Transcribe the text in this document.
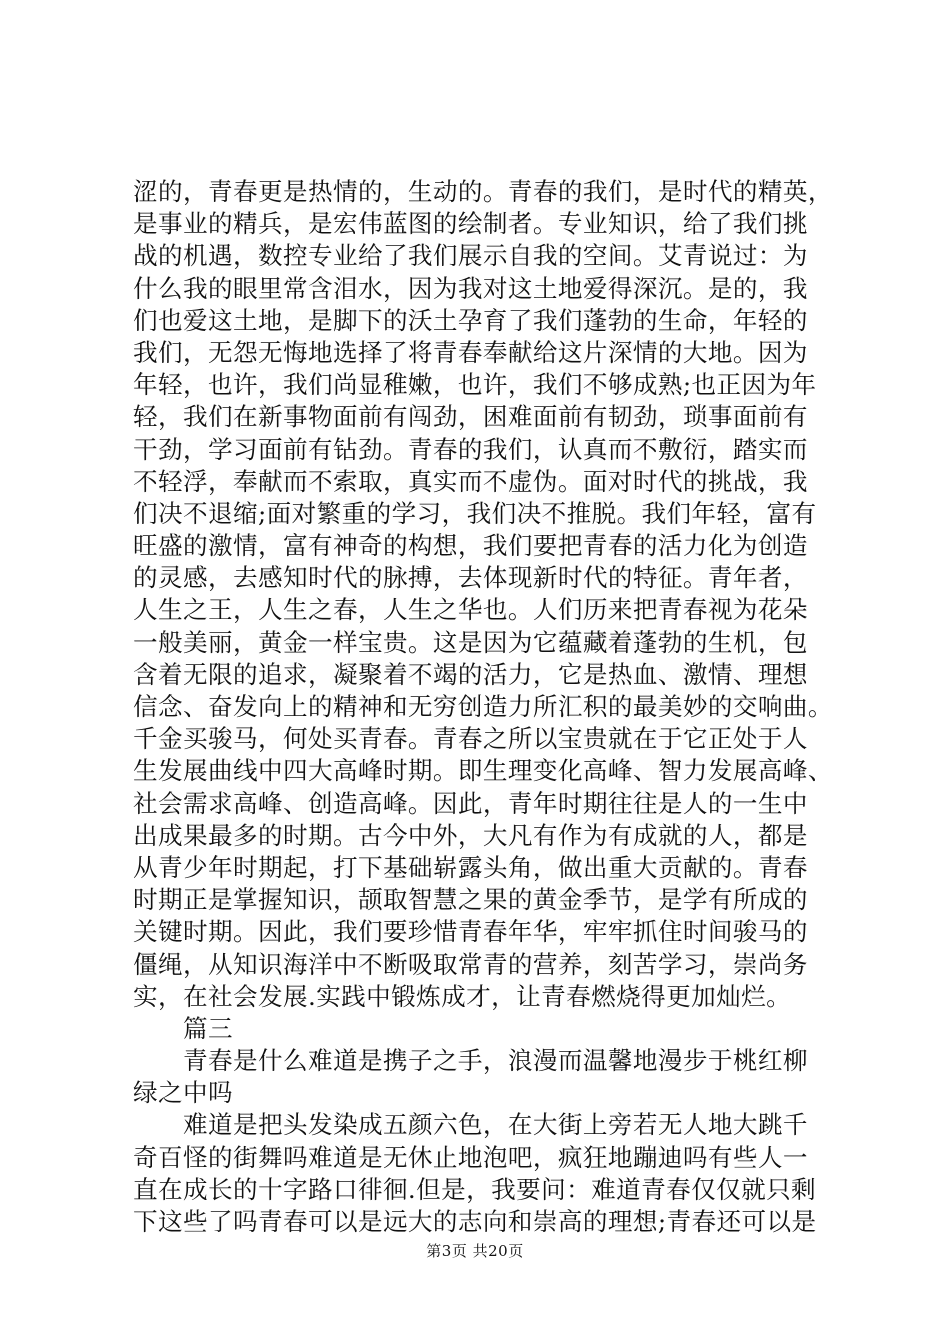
涩的，青春更是热情的，生动的。青春的我们，是时代的精英，
是事业的精兵，是宏伟蓝图的绘制者。专业知识，给了我们挑
战的机遇，数控专业给了我们展示自我的空间。艾青说过：为
什么我的眼里常含泪水，因为我对这土地爱得深沉。是的，我
们也爱这土地，是脚下的沃土孕育了我们蓬勃的生命，年轻的
我们，无怨无悔地选择了将青春奉献给这片深情的大地。因为
年轻，也许，我们尚显稚嫩，也许，我们不够成熟;也正因为年
轻，我们在新事物面前有闯劲，困难面前有韧劲，琐事面前有
干劲，学习面前有钻劲。青春的我们，认真而不敷衍，踏实而
不轻浮，奉献而不索取，真实而不虚伪。面对时代的挑战，我
们决不退缩;面对繁重的学习，我们决不推脱。我们年轻，富有
旺盛的激情，富有神奇的构想，我们要把青春的活力化为创造
的灵感，去感知时代的脉搏，去体现新时代的特征。青年者，
人生之王，人生之春，人生之华也。人们历来把青春视为花朵
一般美丽，黄金一样宝贵。这是因为它蕴藏着蓬勃的生机，包
含着无限的追求，凝聚着不竭的活力，它是热血、激情、理想
信念、奋发向上的精神和无穷创造力所汇积的最美妙的交响曲。
千金买骏马，何处买青春。青春之所以宝贵就在于它正处于人
生发展曲线中四大高峰时期。即生理变化高峰、智力发展高峰、
社会需求高峰、创造高峰。因此，青年时期往往是人的一生中
出成果最多的时期。古今中外，大凡有作为有成就的人，都是
从青少年时期起，打下基础崭露头角，做出重大贡献的。青春
时期正是掌握知识，颉取智慧之果的黄金季节，是学有所成的
关键时期。因此，我们要珍惜青春年华，牢牢抓住时间骏马的
僵绳，从知识海洋中不断吸取常青的营养，刻苦学习，崇尚务
实，在社会发展.实践中锻炼成才，让青春燃烧得更加灿烂。
篇三
青春是什么难道是携子之手，浪漫而温馨地漫步于桃红柳
绿之中吗
难道是把头发染成五颜六色，在大街上旁若无人地大跳千
奇百怪的街舞吗难道是无休止地泡吧，疯狂地蹦迪吗有些人一
直在成长的十字路口徘徊.但是，我要问：难道青春仅仅就只剩
下这些了吗青春可以是远大的志向和崇高的理想;青春还可以是
第3页 共20页
